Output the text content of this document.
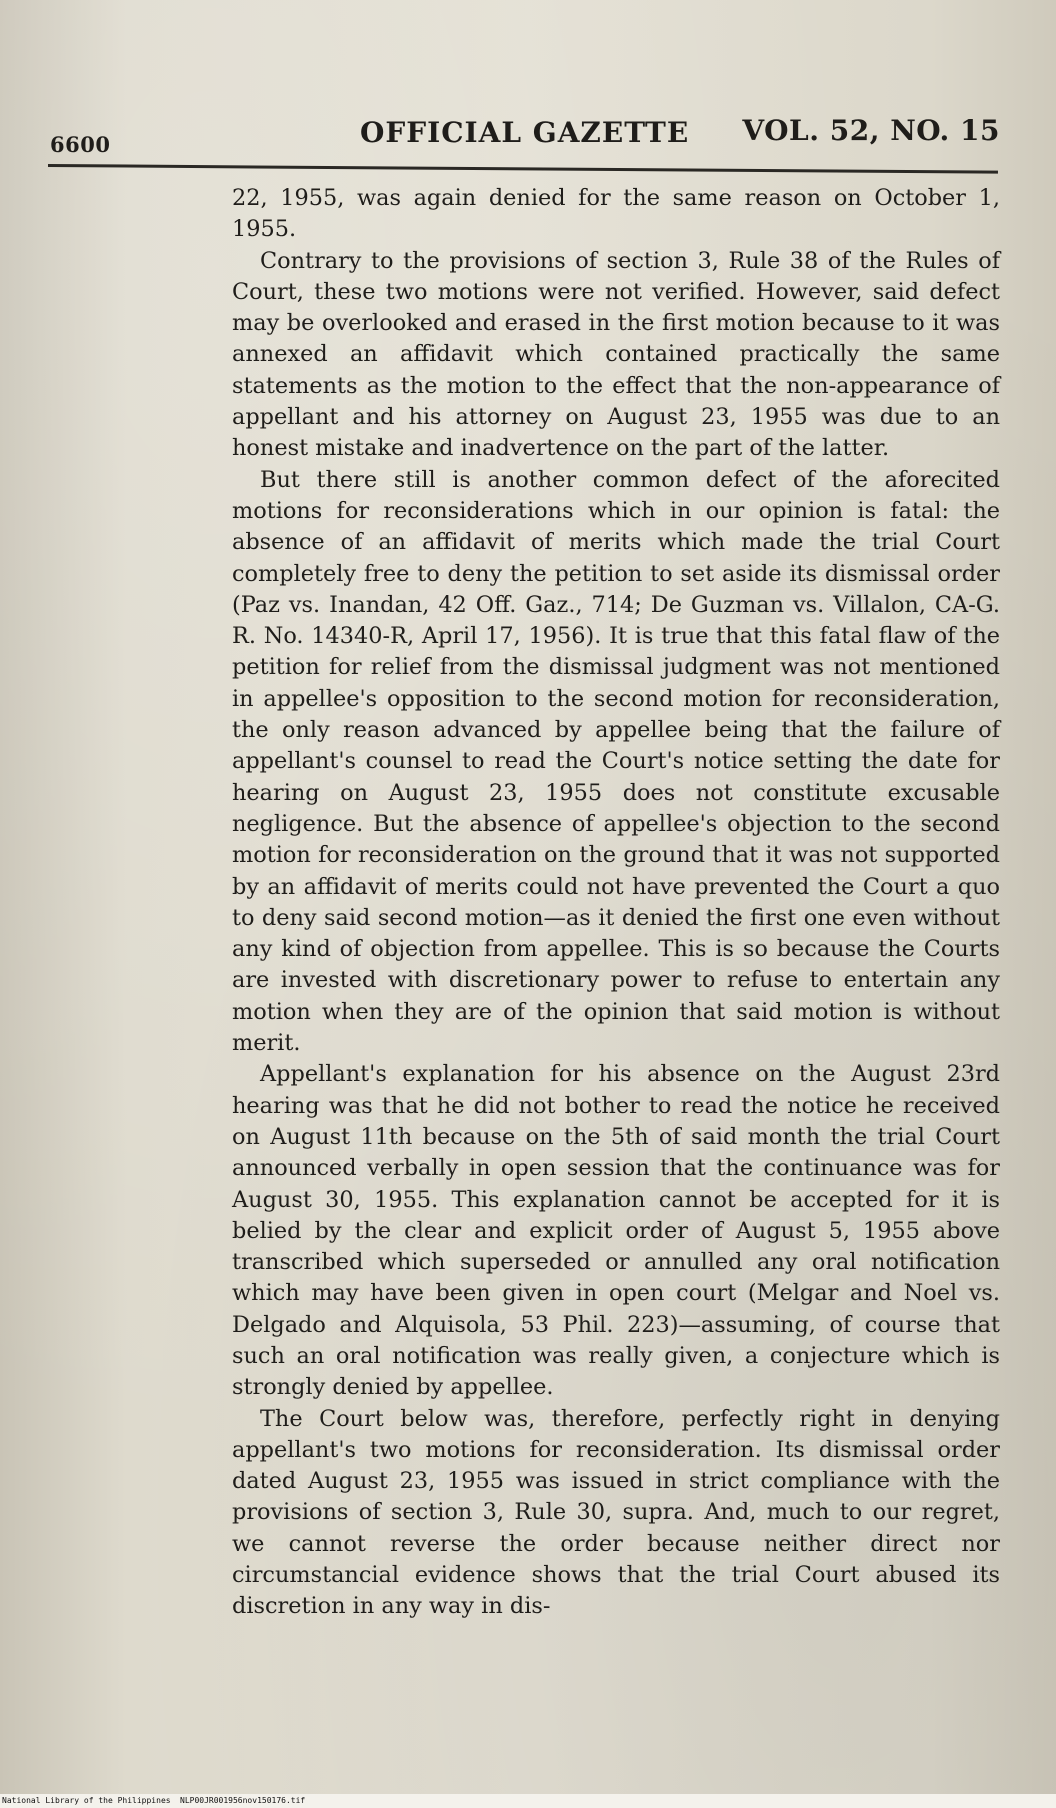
6600	OFFICIAL GAZETTE VOL. 52, NO. 15

22, 1955, was again denied for the same reason on October 1, 1955.

Contrary to the provisions of section 3, Rule 38 of the Rules of Court, these two motions were not verified. However, said defect may be overlooked and erased in the first motion because to it was annexed an affidavit which contained practically the same statements as the motion to the effect that the non-appearance of appellant and his attorney on August 23, 1955 was due to an honest mistake and inadvertence on the part of the latter.

But there still is another common defect of the aforecited motions for reconsiderations which in our opinion is fatal: the absence of an affidavit of merits which made the trial Court completely free to deny the petition to set aside its dismissal order (Paz vs. Inandan, 42 Off. Gaz., 714; De Guzman vs. Villalon, CA-G. R. No. 14340-R, April 17, 1956). It is true that this fatal flaw of the petition for relief from the dismissal judgment was not mentioned in appellee's opposition to the second motion for reconsideration, the only reason advanced by appellee being that the failure of appellant's counsel to read the Court's notice setting the date for hearing on August 23, 1955 does not constitute excusable negligence. But the absence of appellee's objection to the second motion for reconsideration on the ground that it was not supported by an affidavit of merits could not have prevented the Court a quo to deny said second motion—as it denied the first one even without any kind of objection from appellee. This is so because the Courts are invested with discretionary power to refuse to entertain any motion when they are of the opinion that said motion is without merit.

Appellant's explanation for his absence on the August 23rd hearing was that he did not bother to read the notice he received on August 11th because on the 5th of said month the trial Court announced verbally in open session that the continuance was for August 30, 1955. This explanation cannot be accepted for it is belied by the clear and explicit order of August 5, 1955 above transcribed which superseded or annulled any oral notification which may have been given in open court (Melgar and Noel vs. Delgado and Alquisola, 53 Phil. 223)—assuming, of course that such an oral notification was really given, a conjecture which is strongly denied by appellee.

The Court below was, therefore, perfectly right in denying appellant's two motions for reconsideration. Its dismissal order dated August 23, 1955 was issued in strict compliance with the provisions of section 3, Rule 30, supra. And, much to our regret, we cannot reverse the order because neither direct nor circumstancial evidence shows that the trial Court abused its discretion in any way in dis-

National Library of the Philippines NLP00JR001956nov150176.tif
